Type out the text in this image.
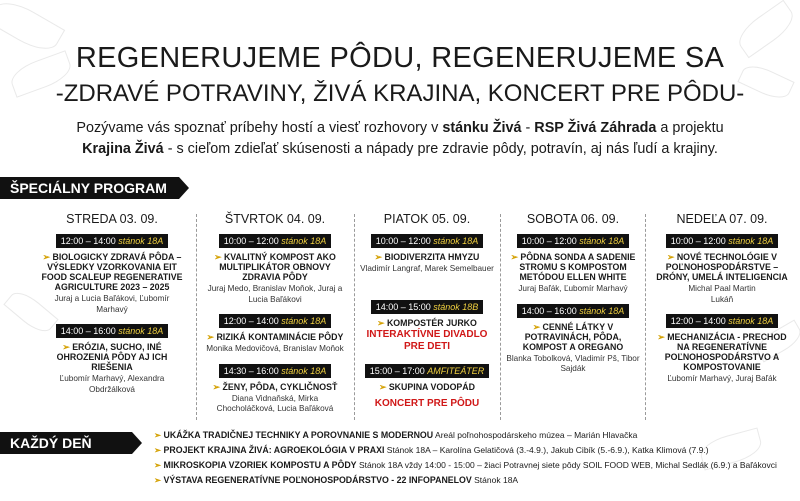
REGENERUJEME PÔDU, REGENERUJEME SA
-ZDRAVÉ POTRAVINY, ŽIVÁ KRAJINA, KONCERT PRE PÔDU-
Pozývame vás spoznať príbehy hostí a viesť rozhovory v stánku Živá - RSP Živá Záhrada a projektu Krajina Živá - s cieľom zdieľať skúsenosti a nápady pre zdravie pôdy, potravín, aj nás ľudí a krajiny.
ŠPECIÁLNY PROGRAM
STREDA 03. 09.
12:00 – 14:00 stánok 18A
➢ BIOLOGICKY ZDRAVÁ PÔDA – VÝSLEDKY VZORKOVANIA EIT FOOD SCALEUP REGENERATIVE AGRICULTURE 2023 – 2025
Juraj a Lucia Baľákovi, Ľubomír Marhavý
14:00 – 16:00 stánok 18A
➢ ERÓZIA, SUCHO, INÉ OHROZENIA PÔDY AJ ICH RIEŠENIA
Ľubomír Marhavý, Alexandra Obdržálková
ŠTVRTOK 04. 09.
10:00 – 12:00 stánok 18A
➢ KVALITNÝ KOMPOST AKO MULTIPLIKÁTOR OBNOVY ZDRAVIA PÔDY
Juraj Medo, Branislav Moňok, Juraj a Lucia Baľákovi
12:00 – 14:00 stánok 18A
➢ RIZIKÁ KONTAMINÁCIE PÔDY
Monika Medovičová, Branislav Moňok
14:30 – 16:00 stánok 18A
➢ ŽENY, PÔDA, CYKLIČNOSŤ
Diana Vidnaňská, Mirka Chocholáčková, Lucia Baľáková
PIATOK 05. 09.
10:00 – 12:00 stánok 18A
➢ BIODIVERZITA HMYZU
Vladimír Langraf, Marek Semelbauer
14:00 – 15:00 stánok 18B
➢ KOMPOSTÉR JURKO
INTERAKTÍVNE DIVADLO PRE DETI
15:00 – 17:00 AMFITEÁTER
➢ SKUPINA VODOPÁD
KONCERT PRE PÔDU
SOBOTA 06. 09.
10:00 – 12:00 stánok 18A
➢ PÔDNA SONDA A SADENIE STROMU S KOMPOSTOM METÓDOU ELLEN WHITE
Juraj Baľák, Ľubomír Marhavý
14:00 – 16:00 stánok 18A
➢ CENNÉ LÁTKY V POTRAVINÁCH, PÔDA, KOMPOST A OREGANO
Blanka Tobolková, Vladimír Pš, Tibor Sajdák
NEDEĽA 07. 09.
10:00 – 12:00 stánok 18A
➢ NOVÉ TECHNOLÓGIE V POĽNOHOSPODÁRSTVE – DRÓNY, UMELÁ INTELIGENCIA
Michal Paal Martin Lukáň
12:00 – 14:00 stánok 18A
➢ MECHANIZÁCIA - PRECHOD NA REGENERATÍVNE POĽNOHOSPODÁRSTVO A KOMPOSTOVANIE
Ľubomír Marhavý, Juraj Baľák
KAŽDÝ DEŇ	➢ UKÁŽKA TRADIČNEJ TECHNIKY A POROVNANIE S MODERNOU Areál poľnohospodárskeho múzea – Marián Hlavačka
➢ PROJEKT KRAJINA ŽIVÁ: AGROEKOLÓGIA V PRAXI Stánok 18A – Karolína Gelatičová (3.-4.9.), Jakub Cibík (5.-6.9.), Katka Klimová (7.9.)
➢ MIKROSKOPIA VZORIEK KOMPOSTU A PÔDY Stánok 18A vždy 14:00 - 15:00 – žiaci Potravnej siete pôdy SOIL FOOD WEB, Michal Sedlák (6.9.) a Baľákovci
➢ VÝSTAVA REGENERATÍVNE POĽNOHOSPODÁRSTVO - 22 INFOPANELOV Stánok 18A
